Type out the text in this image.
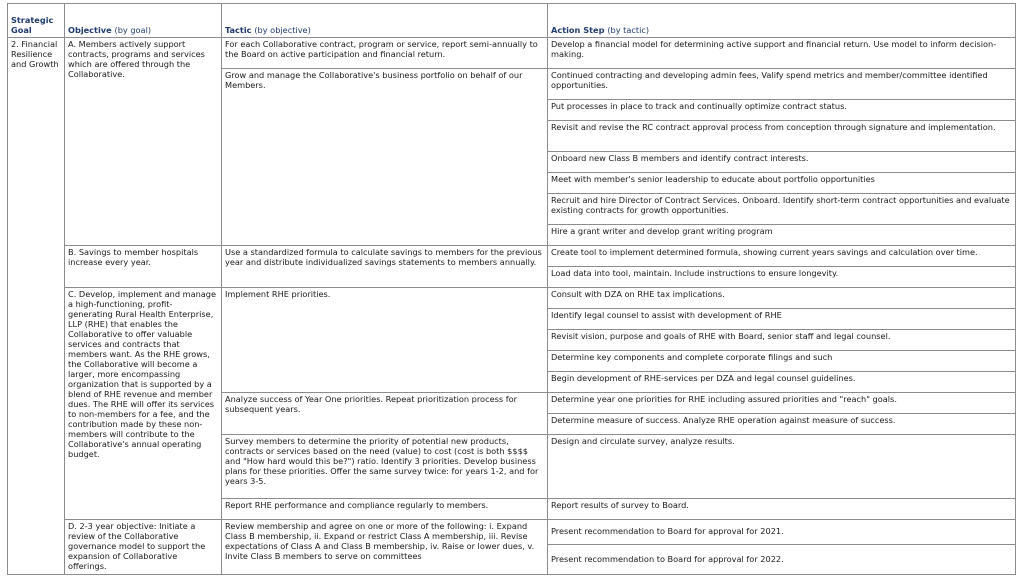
Strategic Goal	Objective (by goal)	Tactic (by objective)	Action Step (by tactic)
2. Financial Resilience and Growth	A. Members actively support contracts, programs and services which are offered through the Collaborative.	For each Collaborative contract, program or service, report semi-annually to the Board on active participation and financial return.	Develop a financial model for determining active support and financial return. Use model to inform decision-making.
		Grow and manage the Collaborative's business portfolio on behalf of our Members.	Continued contracting and developing admin fees, Valify spend metrics and member/committee identified opportunities.
			Put processes in place to track and continually optimize contract status.
			Revisit and revise the RC contract approval process from conception through signature and implementation.
			Onboard new Class B members and identify contract interests.
			Meet with member's senior leadership to educate about portfolio opportunities
			Recruit and hire Director of Contract Services. Onboard. Identify short-term contract opportunities and evaluate existing contracts for growth opportunities.
			Hire a grant writer and develop grant writing program
	B. Savings to member hospitals increase every year.	Use a standardized formula to calculate savings to members for the previous year and distribute individualized savings statements to members annually.	Create tool to implement determined formula, showing current years savings and calculation over time.
			Load data into tool, maintain. Include instructions to ensure longevity.
	C. Develop, implement and manage a high-functioning, profit-generating Rural Health Enterprise, LLP (RHE) that enables the Collaborative to offer valuable services and contracts that members want. As the RHE grows, the Collaborative will become a larger, more encompassing organization that is supported by a blend of RHE revenue and member dues. The RHE will offer its services to non-members for a fee, and the contribution made by these non-members will contribute to the Collaborative's annual operating budget.	Implement RHE priorities.	Consult with DZA on RHE tax implications.
			Identify legal counsel to assist with development of RHE
			Revisit vision, purpose and goals of RHE with Board, senior staff and legal counsel.
			Determine key components and complete corporate filings and such
			Begin development of RHE-services per DZA and legal counsel guidelines.
		Analyze success of Year One priorities. Repeat prioritization process for subsequent years.	Determine year one priorities for RHE including assured priorities and "reach" goals.
			Determine measure of success. Analyze RHE operation against measure of success.
		Survey members to determine the priority of potential new products, contracts or services based on the need (value) to cost (cost is both $$$$ and "How hard would this be?") ratio. Identify 3 priorities. Develop business plans for these priorities. Offer the same survey twice: for years 1-2, and for years 3-5.	Design and circulate survey, analyze results.
		Report RHE performance and compliance regularly to members.	Report results of survey to Board.
	D. 2-3 year objective: Initiate a review of the Collaborative governance model to support the expansion of Collaborative offerings.	Review membership and agree on one or more of the following: i. Expand Class B membership, ii. Expand or restrict Class A membership, iii. Revise expectations of Class A and Class B membership, iv. Raise or lower dues, v. Invite Class B members to serve on committees	Present recommendation to Board for approval for 2021.
			Present recommendation to Board for approval for 2022.
